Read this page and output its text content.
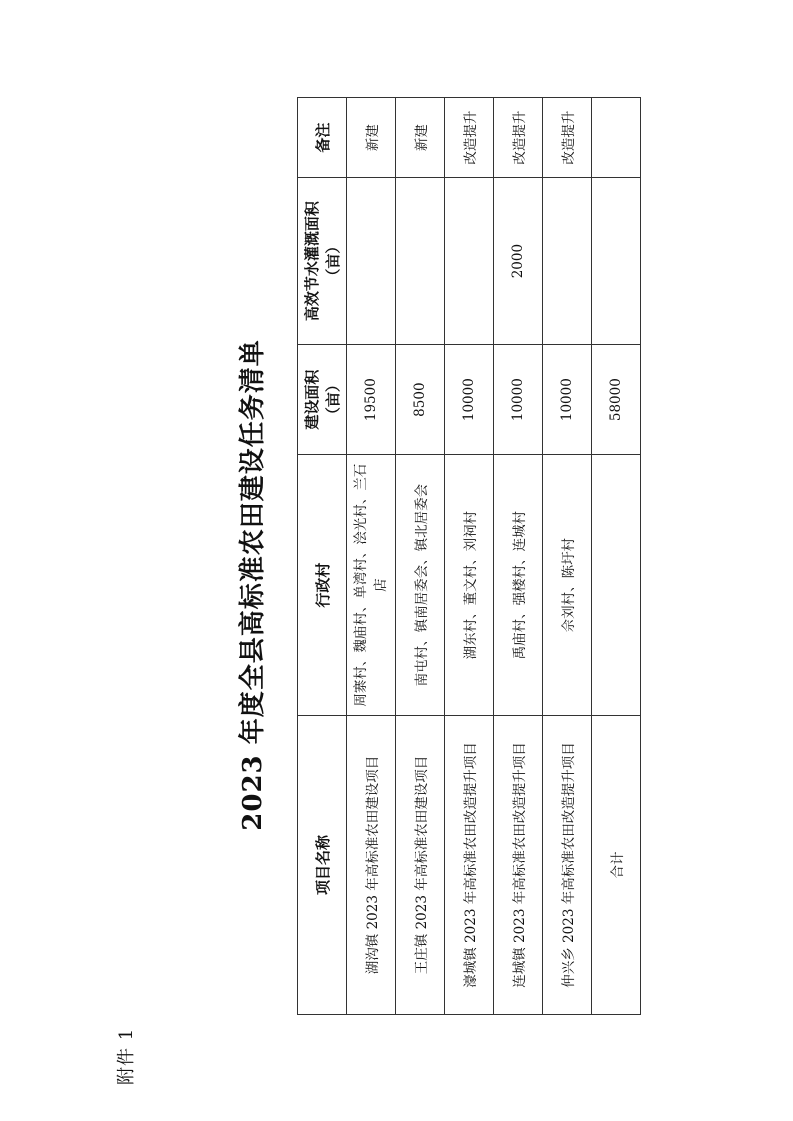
附件 1
2023 年度全县高标准农田建设任务清单
项目名称	行政村	建设面积（亩）	高效节水灌溉面积（亩）	备注
湖沟镇 2023 年高标准农田建设项目	周寨村、魏庙村、单湾村、浍光村、兰石店	19500		新建
王庄镇 2023 年高标准农田建设项目	南屯村、镇南居委会、镇北居委会	8500		新建
濠城镇 2023 年高标准农田改造提升项目	湖东村、董文村、刘祠村	10000		改造提升
连城镇 2023 年高标准农田改造提升项目	禹庙村、强楼村、连城村	10000	2000	改造提升
仲兴乡 2023 年高标准农田改造提升项目	佘刘村、陈圩村	10000		改造提升
合计		58000		
